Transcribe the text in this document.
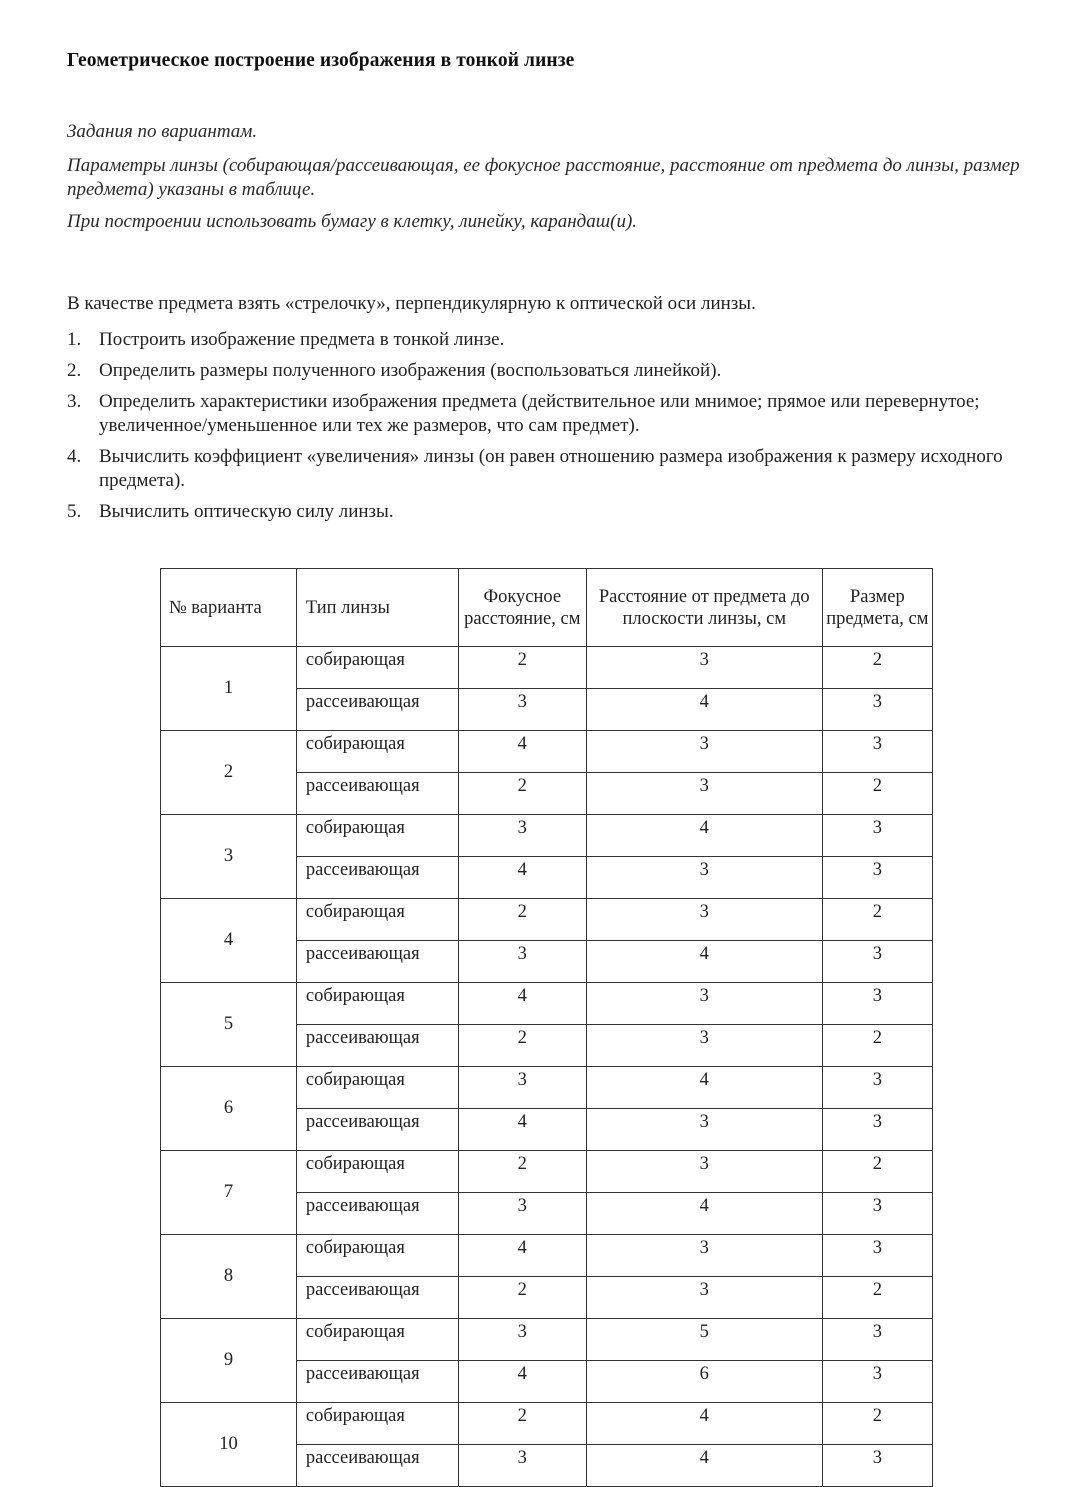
Геометрическое построение изображения в тонкой линзе

Задания по вариантам.

Параметры линзы (собирающая/рассеивающая, ее фокусное расстояние, расстояние от предмета до линзы, размер предмета) указаны в таблице.

При построении использовать бумагу в клетку, линейку, карандаш(и).

В качестве предмета взять «стрелочку», перпендикулярную к оптической оси линзы.
1. Построить изображение предмета в тонкой линзе.
2. Определить размеры полученного изображения (воспользоваться линейкой).
3. Определить характеристики изображения предмета (действительное или мнимое; прямое или перевернутое; увеличенное/уменьшенное или тех же размеров, что сам предмет).
4. Вычислить коэффициент «увеличения» линзы (он равен отношению размера изображения к размеру исходного предмета).
5. Вычислить оптическую силу линзы.
№ варианта	Тип линзы	Фокусное расстояние, см	Расстояние от предмета до плоскости линзы, см	Размер предмета, см
1	собирающая	2	3	2
	рассеивающая	3	4	3
2	собирающая	4	3	3
	рассеивающая	2	3	2
3	собирающая	3	4	3
	рассеивающая	4	3	3
4	собирающая	2	3	2
	рассеивающая	3	4	3
5	собирающая	4	3	3
	рассеивающая	2	3	2
6	собирающая	3	4	3
	рассеивающая	4	3	3
7	собирающая	2	3	2
	рассеивающая	3	4	3
8	собирающая	4	3	3
	рассеивающая	2	3	2
9	собирающая	3	5	3
	рассеивающая	4	6	3
10	собирающая	2	4	2
	рассеивающая	3	4	3
